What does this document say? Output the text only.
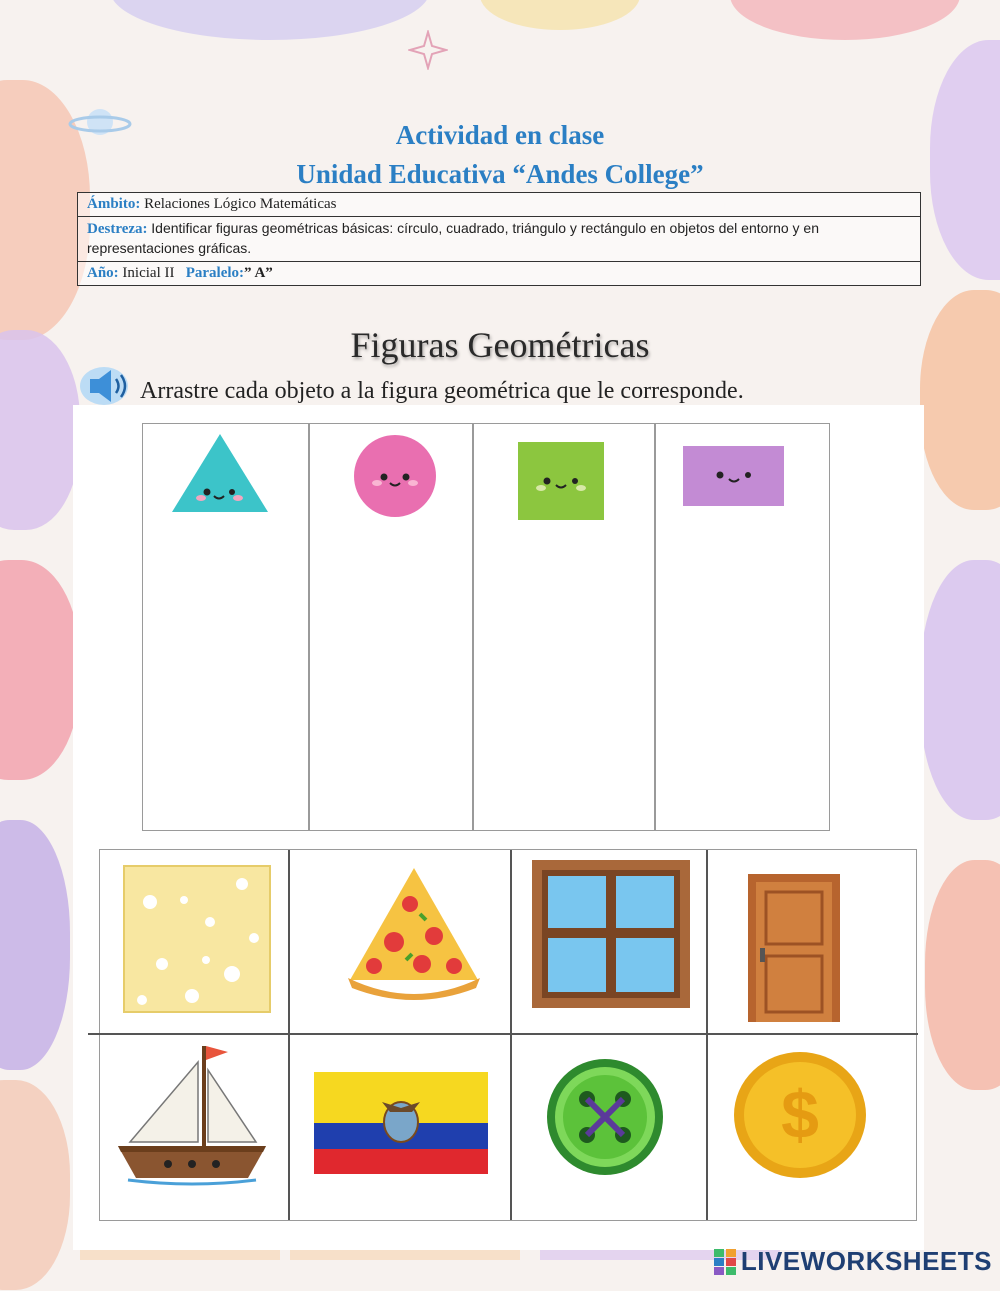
Actividad en clase
Unidad Educativa “Andes College”
Ámbito: Relaciones Lógico Matemáticas
Destreza: Identificar figuras geométricas básicas: círculo, cuadrado, triángulo y rectángulo en objetos del entorno y en representaciones gráficas.
Año: Inicial II Paralelo:” A”
Figuras Geométricas
Arrastre cada objeto a la figura geométrica que le corresponde.
$
LIVEWORKSHEETS
